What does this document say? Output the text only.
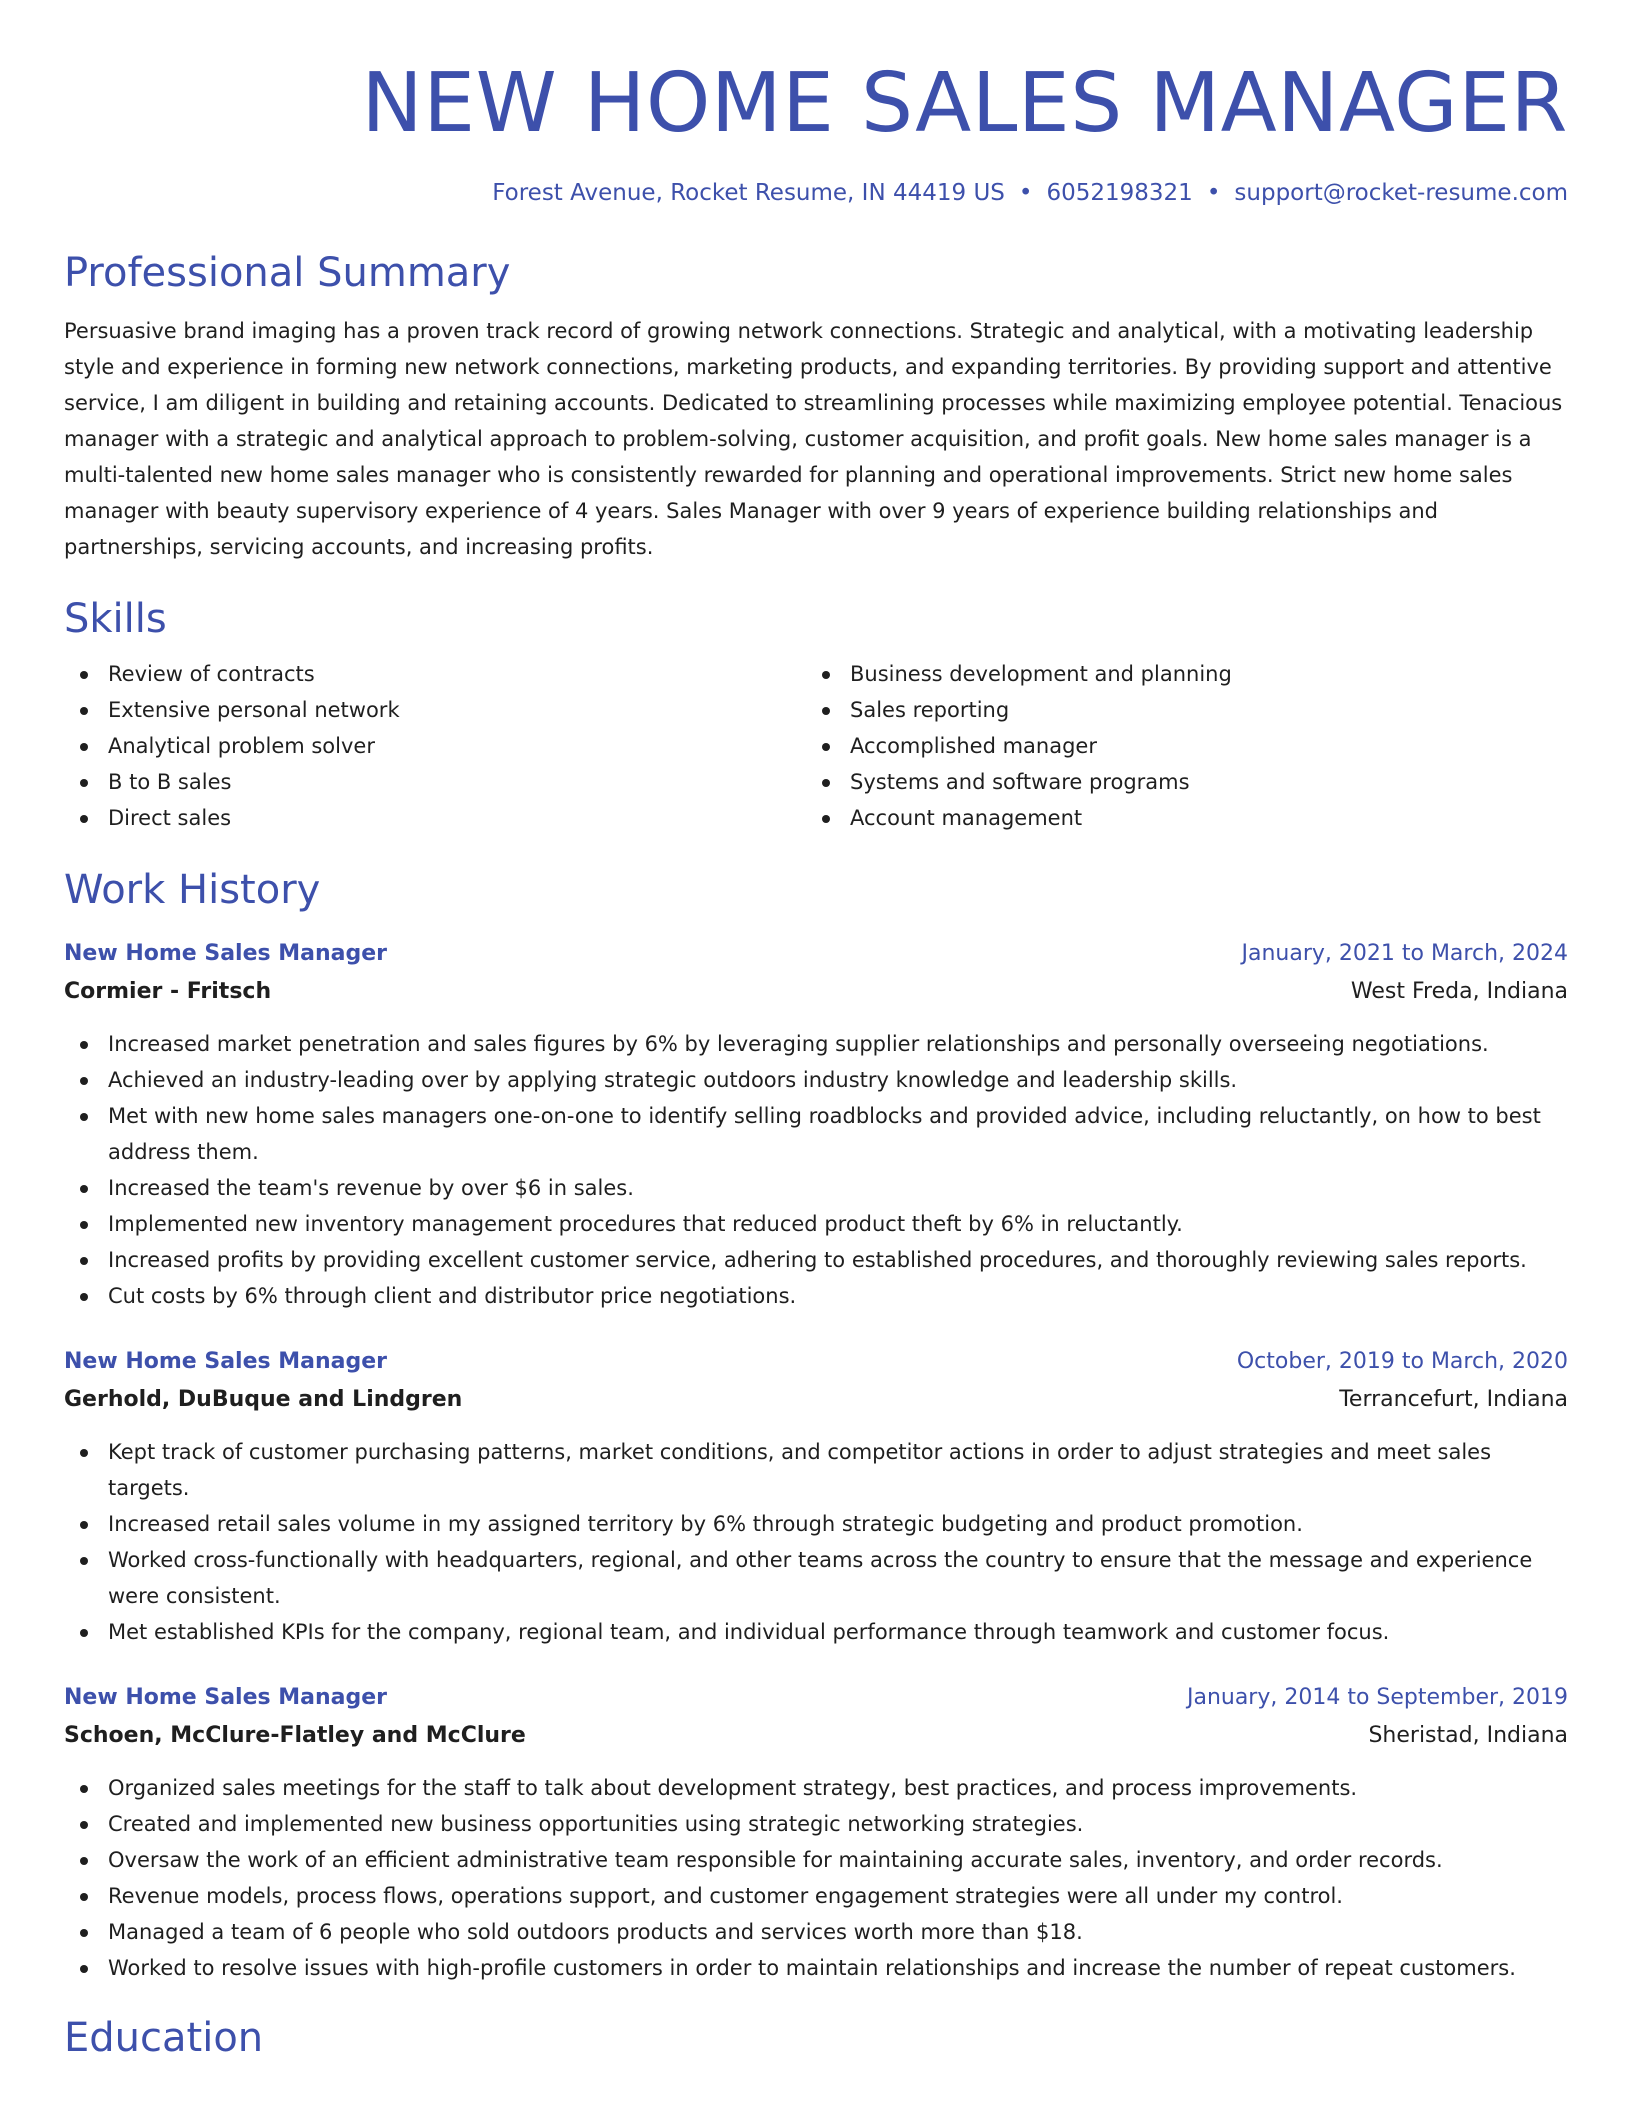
NEW HOME SALES MANAGER
Forest Avenue, Rocket Resume, IN 44419 US • 6052198321 • support@rocket-resume.com
Professional Summary

Persuasive brand imaging has a proven track record of growing network connections. Strategic and analytical, with a motivating leadership style and experience in forming new network connections, marketing products, and expanding territories. By providing support and attentive service, I am diligent in building and retaining accounts. Dedicated to streamlining processes while maximizing employee potential. Tenacious manager with a strategic and analytical approach to problem-solving, customer acquisition, and profit goals. New home sales manager is a multi-talented new home sales manager who is consistently rewarded for planning and operational improvements. Strict new home sales manager with beauty supervisory experience of 4 years. Sales Manager with over 9 years of experience building relationships and partnerships, servicing accounts, and increasing profits.

Skills
Review of contracts
Extensive personal network
Analytical problem solver
B to B sales
Direct sales
Business development and planning
Sales reporting
Accomplished manager
Systems and software programs
Account management
Work History
New Home Sales Manager	January, 2021 to March, 2024
Cormier - Fritsch	West Freda, Indiana
Increased market penetration and sales figures by 6% by leveraging supplier relationships and personally overseeing negotiations.
Achieved an industry-leading over by applying strategic outdoors industry knowledge and leadership skills.
Met with new home sales managers one-on-one to identify selling roadblocks and provided advice, including reluctantly, on how to best address them.
Increased the team's revenue by over $6 in sales.
Implemented new inventory management procedures that reduced product theft by 6% in reluctantly.
Increased profits by providing excellent customer service, adhering to established procedures, and thoroughly reviewing sales reports.
Cut costs by 6% through client and distributor price negotiations.
New Home Sales Manager	October, 2019 to March, 2020
Gerhold, DuBuque and Lindgren	Terrancefurt, Indiana
Kept track of customer purchasing patterns, market conditions, and competitor actions in order to adjust strategies and meet sales targets.
Increased retail sales volume in my assigned territory by 6% through strategic budgeting and product promotion.
Worked cross-functionally with headquarters, regional, and other teams across the country to ensure that the message and experience were consistent.
Met established KPIs for the company, regional team, and individual performance through teamwork and customer focus.
New Home Sales Manager	January, 2014 to September, 2019
Schoen, McClure-Flatley and McClure	Sheristad, Indiana
Organized sales meetings for the staff to talk about development strategy, best practices, and process improvements.
Created and implemented new business opportunities using strategic networking strategies.
Oversaw the work of an efficient administrative team responsible for maintaining accurate sales, inventory, and order records.
Revenue models, process flows, operations support, and customer engagement strategies were all under my control.
Managed a team of 6 people who sold outdoors products and services worth more than $18.
Worked to resolve issues with high-profile customers in order to maintain relationships and increase the number of repeat customers.
Education
